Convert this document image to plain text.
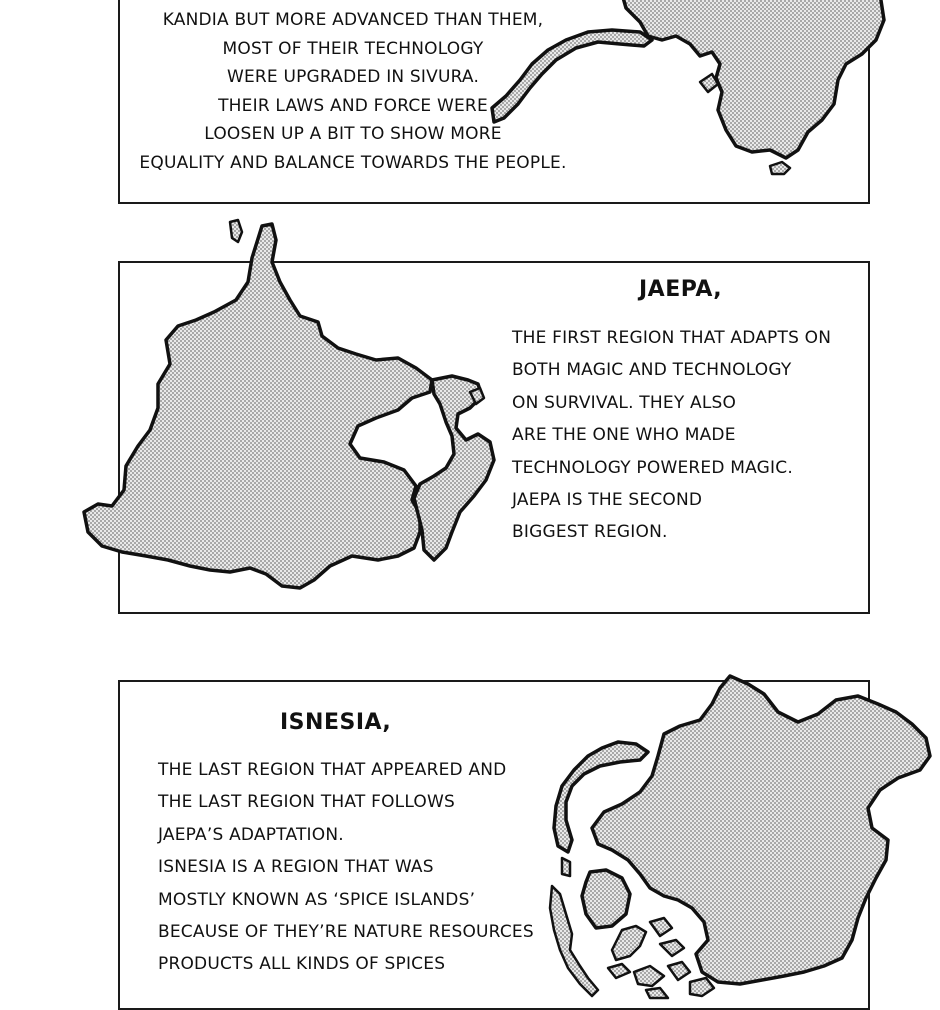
KANDIA BUT MORE ADVANCED THAN THEM,
MOST OF THEIR TECHNOLOGY
WERE UPGRADED IN SIVURA.
THEIR LAWS AND FORCE WERE
LOOSEN UP A BIT TO SHOW MORE
EQUALITY AND BALANCE TOWARDS THE PEOPLE.
JAEPA,
THE FIRST REGION THAT ADAPTS ON
BOTH MAGIC AND TECHNOLOGY
ON SURVIVAL. THEY ALSO
ARE THE ONE WHO MADE
TECHNOLOGY POWERED MAGIC.
JAEPA IS THE SECOND
BIGGEST REGION.
ISNESIA,
THE LAST REGION THAT APPEARED AND
THE LAST REGION THAT FOLLOWS
JAEPA’S ADAPTATION.
ISNESIA IS A REGION THAT WAS
MOSTLY KNOWN AS ‘SPICE ISLANDS’
BECAUSE OF THEY’RE NATURE RESOURCES
PRODUCTS ALL KINDS OF SPICES
